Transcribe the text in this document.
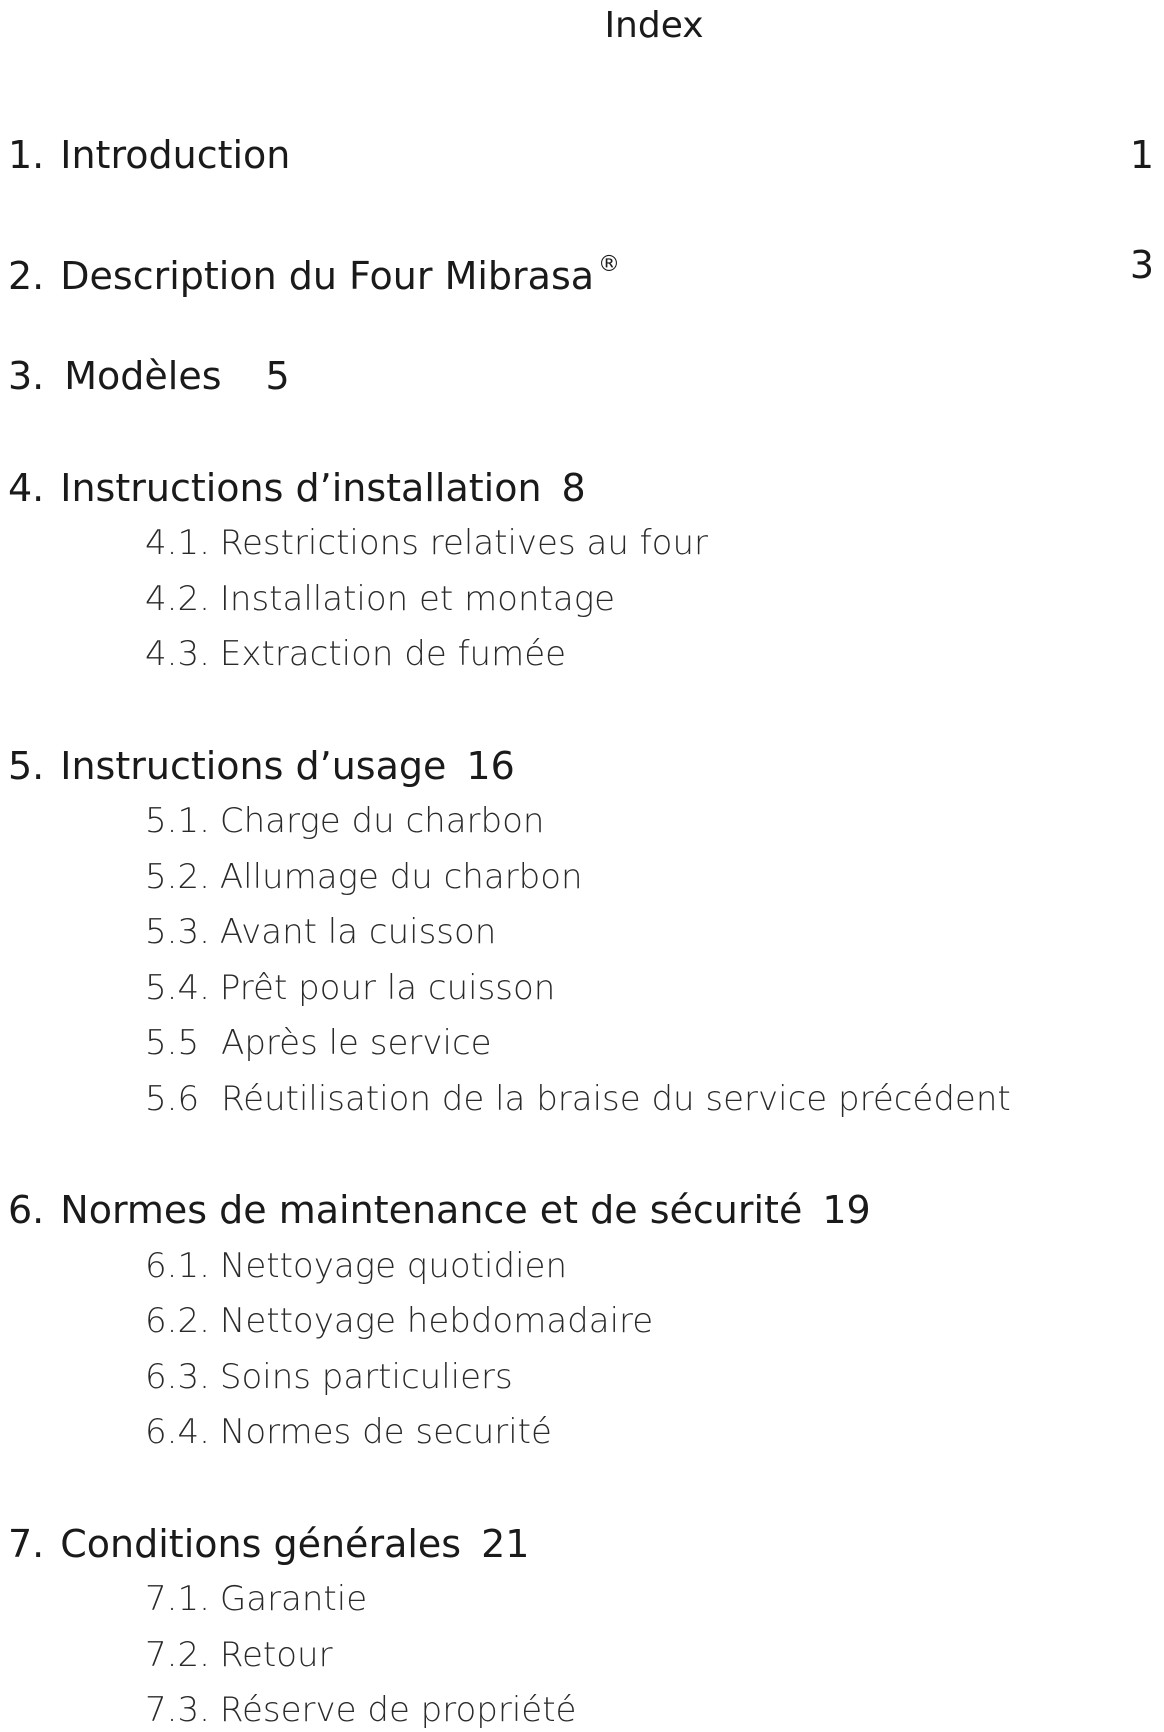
Index
1. Introduction	1
2. Description du Four Mibrasa ®	3
3. Modèles 5
4. Instructions d’installation 8
4.1. Restrictions relatives au four
4.2. Installation et montage
4.3. Extraction de fumée
5. Instructions d’usage 16
5.1. Charge du charbon
5.2. Allumage du charbon
5.3. Avant la cuisson
5.4. Prêt pour la cuisson
5.5 Après le service
5.6 Réutilisation de la braise du service précédent
6. Normes de maintenance et de sécurité 19
6.1. Nettoyage quotidien
6.2. Nettoyage hebdomadaire
6.3. Soins particuliers
6.4. Normes de securité
7. Conditions générales 21
7.1. Garantie
7.2. Retour
7.3. Réserve de propriété
